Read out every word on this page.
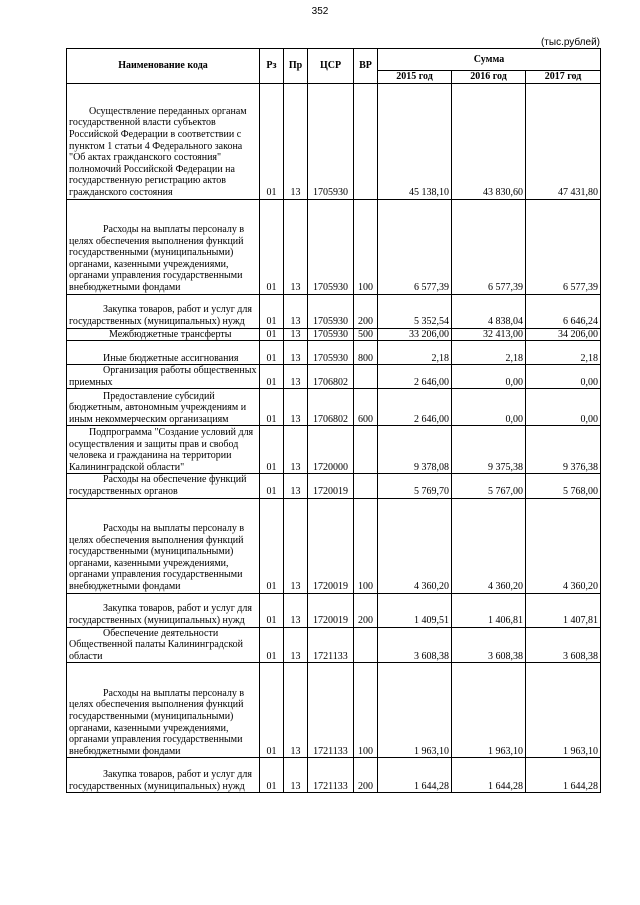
352
(тыс.рублей)
Наименование кода	Рз	Пр	ЦСР	ВР	Сумма		
					2015 год	2016 год	2017 год

Осуществление переданных органам государственной власти субъектов Российской Федерации в соответствии с пунктом 1 статьи 4 Федерального закона "Об актах гражданского состояния" полномочий Российской Федерации на государственную регистрацию актов гражданского состояния	01	13	1705930		45 138,10	43 830,60	47 431,80

Расходы на выплаты персоналу в целях обеспечения выполнения функций государственными (муниципальными) органами, казенными учреждениями, органами управления государственными внебюджетными фондами	01	13	1705930	100	6 577,39	6 577,39	6 577,39

Закупка товаров, работ и услуг для государственных (муниципальных) нужд	01	13	1705930	200	5 352,54	4 838,04	6 646,24

Межбюджетные трансферты	01	13	1705930	500	33 206,00	32 413,00	34 206,00

Иные бюджетные ассигнования	01	13	1705930	800	2,18	2,18	2,18

Организация работы общественных приемных	01	13	1706802		2 646,00	0,00	0,00

Предоставление субсидий бюджетным, автономным учреждениям и иным некоммерческим организациям	01	13	1706802	600	2 646,00	0,00	0,00

Подпрограмма "Создание условий для осуществления и защиты прав и свобод человека и гражданина на территории Калининградской области"	01	13	1720000		9 378,08	9 375,38	9 376,38

Расходы на обеспечение функций государственных органов	01	13	1720019		5 769,70	5 767,00	5 768,00

Расходы на выплаты персоналу в целях обеспечения выполнения функций государственными (муниципальными) органами, казенными учреждениями, органами управления государственными внебюджетными фондами	01	13	1720019	100	4 360,20	4 360,20	4 360,20

Закупка товаров, работ и услуг для государственных (муниципальных) нужд	01	13	1720019	200	1 409,51	1 406,81	1 407,81

Обеспечение деятельности Общественной палаты Калининградской области	01	13	1721133		3 608,38	3 608,38	3 608,38

Расходы на выплаты персоналу в целях обеспечения выполнения функций государственными (муниципальными) органами, казенными учреждениями, органами управления государственными внебюджетными фондами	01	13	1721133	100	1 963,10	1 963,10	1 963,10

Закупка товаров, работ и услуг для государственных (муниципальных) нужд	01	13	1721133	200	1 644,28	1 644,28	1 644,28
